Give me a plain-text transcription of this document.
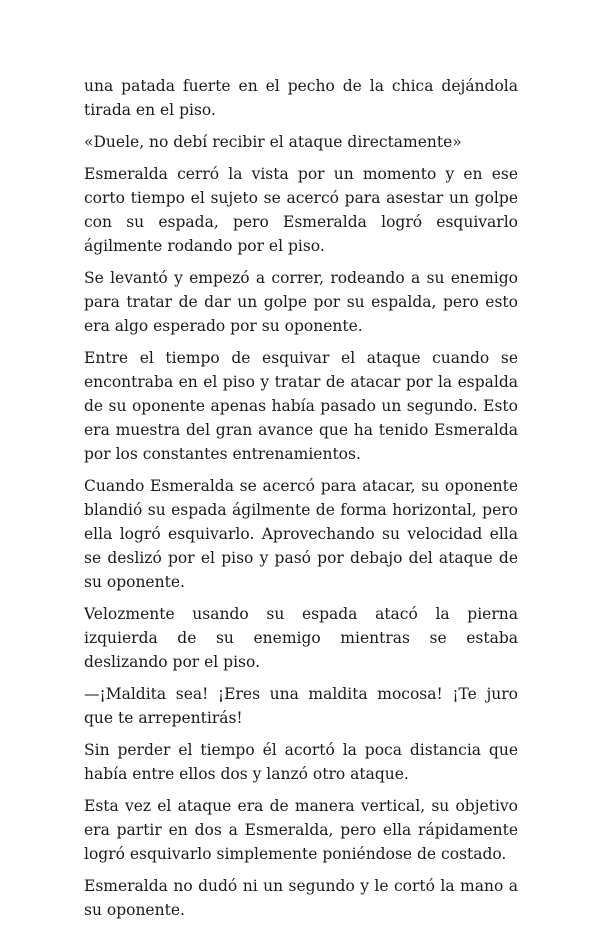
una patada fuerte en el pecho de la chica dejándola tirada en el piso.

«Duele, no debí recibir el ataque directamente»

Esmeralda cerró la vista por un momento y en ese corto tiempo el sujeto se acercó para asestar un golpe con su espada, pero Esmeralda logró esquivarlo ágilmente rodando por el piso.

Se levantó y empezó a correr, rodeando a su enemigo para tratar de dar un golpe por su espalda, pero esto era algo esperado por su oponente.

Entre el tiempo de esquivar el ataque cuando se encontraba en el piso y tratar de atacar por la espalda de su oponente apenas había pasado un segundo. Esto era muestra del gran avance que ha tenido Esmeralda por los constantes entrenamientos.

Cuando Esmeralda se acercó para atacar, su oponente blandió su espada ágilmente de forma horizontal, pero ella logró esquivarlo. Aprovechando su velocidad ella se deslizó por el piso y pasó por debajo del ataque de su oponente.

Velozmente usando su espada atacó la pierna izquierda de su enemigo mientras se estaba deslizando por el piso.

—¡Maldita sea! ¡Eres una maldita mocosa! ¡Te juro que te arrepentirás!

Sin perder el tiempo él acortó la poca distancia que había entre ellos dos y lanzó otro ataque.

Esta vez el ataque era de manera vertical, su objetivo era partir en dos a Esmeralda, pero ella rápidamente logró esquivarlo simplemente poniéndose de costado.

Esmeralda no dudó ni un segundo y le cortó la mano a su oponente.
